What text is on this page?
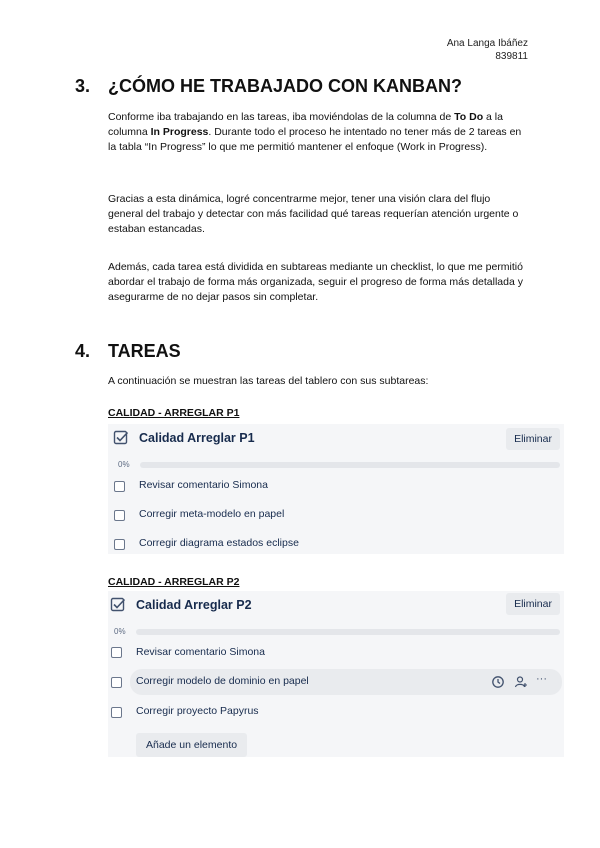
Ana Langa Ibáñez
839811
3. ¿CÓMO HE TRABAJADO CON KANBAN?
Conforme iba trabajando en las tareas, iba moviéndolas de la columna de To Do a la columna In Progress. Durante todo el proceso he intentado no tener más de 2 tareas en la tabla “In Progress” lo que me permitió mantener el enfoque (Work in Progress).
Gracias a esta dinámica, logré concentrarme mejor, tener una visión clara del flujo general del trabajo y detectar con más facilidad qué tareas requerían atención urgente o estaban estancadas.
Además, cada tarea está dividida en subtareas mediante un checklist, lo que me permitió abordar el trabajo de forma más organizada, seguir el progreso de forma más detallada y asegurarme de no dejar pasos sin completar.
4. TAREAS
A continuación se muestran las tareas del tablero con sus subtareas:
CALIDAD - ARREGLAR P1
Calidad Arreglar P1	Eliminar
0%
Revisar comentario Simona
Corregir meta-modelo en papel
Corregir diagrama estados eclipse
CALIDAD - ARREGLAR P2
Calidad Arreglar P2	Eliminar
0%
Revisar comentario Simona
Corregir modelo de dominio en papel	···
Corregir proyecto Papyrus
Añade un elemento
